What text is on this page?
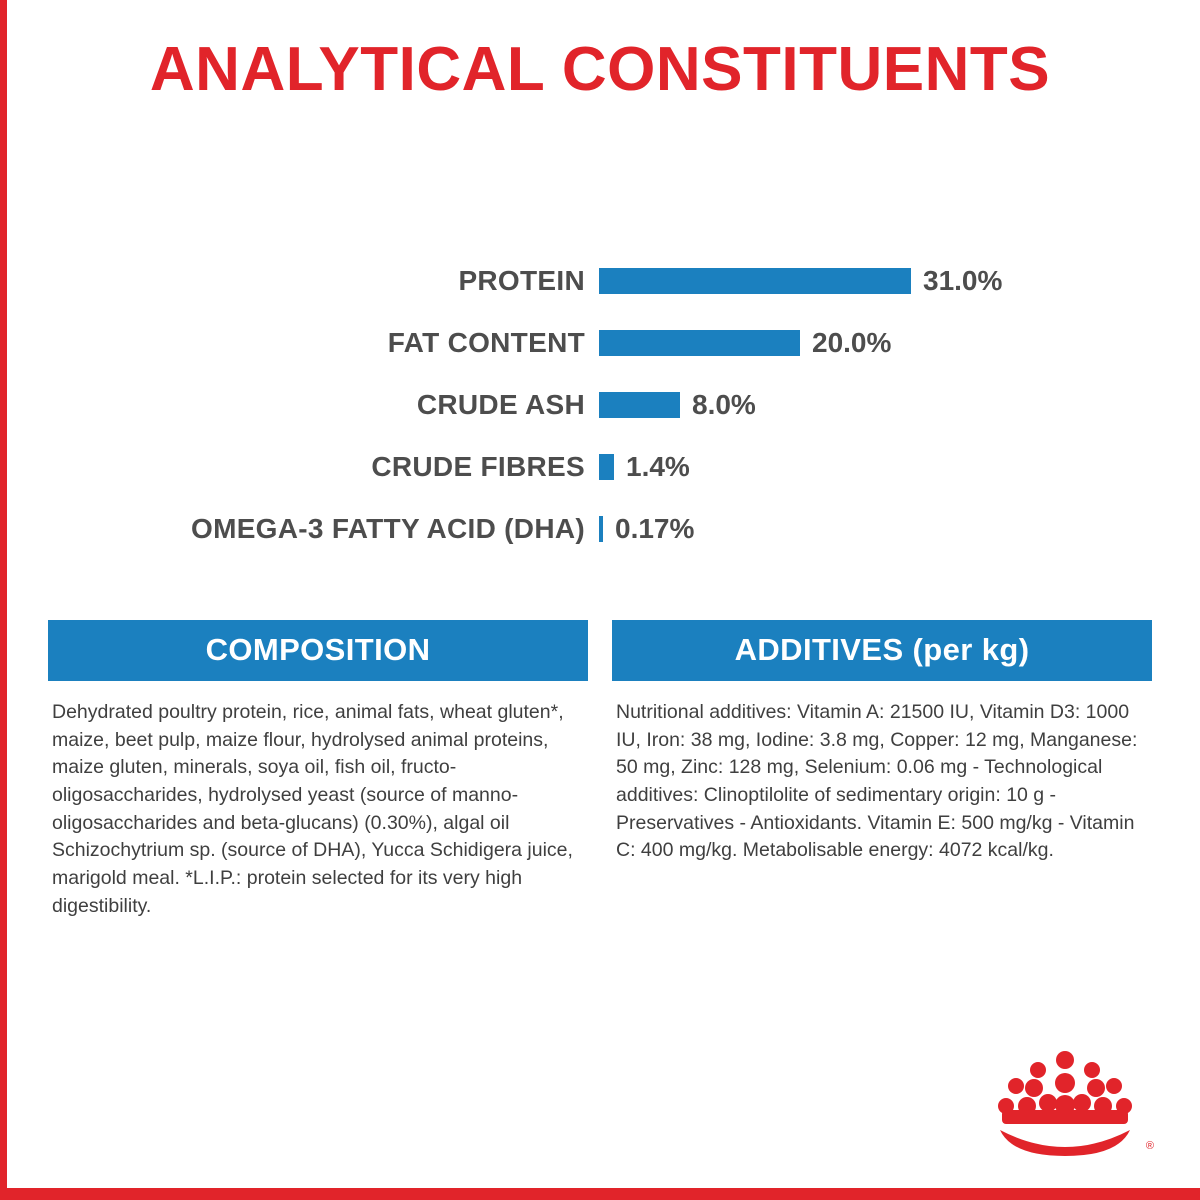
ANALYTICAL CONSTITUENTS
PROTEIN	31.0%
FAT CONTENT	20.0%
CRUDE ASH	8.0%
CRUDE FIBRES	1.4%
OMEGA-3 FATTY ACID (DHA)	0.17%
COMPOSITION
Dehydrated poultry protein, rice, animal fats, wheat gluten*, maize, beet pulp, maize flour, hydrolysed animal proteins, maize gluten, minerals, soya oil, fish oil, fructo-oligosaccharides, hydrolysed yeast (source of manno-oligosaccharides and beta-glucans) (0.30%), algal oil Schizochytrium sp. (source of DHA), Yucca Schidigera juice, marigold meal. *L.I.P.: protein selected for its very high digestibility.
ADDITIVES (per kg)
Nutritional additives: Vitamin A: 21500 IU, Vitamin D3: 1000 IU, Iron: 38 mg, Iodine: 3.8 mg, Copper: 12 mg, Manganese: 50 mg, Zinc: 128 mg, Selenium: 0.06 mg - Technological additives: Clinoptilolite of sedimentary origin: 10 g - Preservatives - Antioxidants. Vitamin E: 500 mg/kg - Vitamin C: 400 mg/kg. Metabolisable energy: 4072 kcal/kg.
®
